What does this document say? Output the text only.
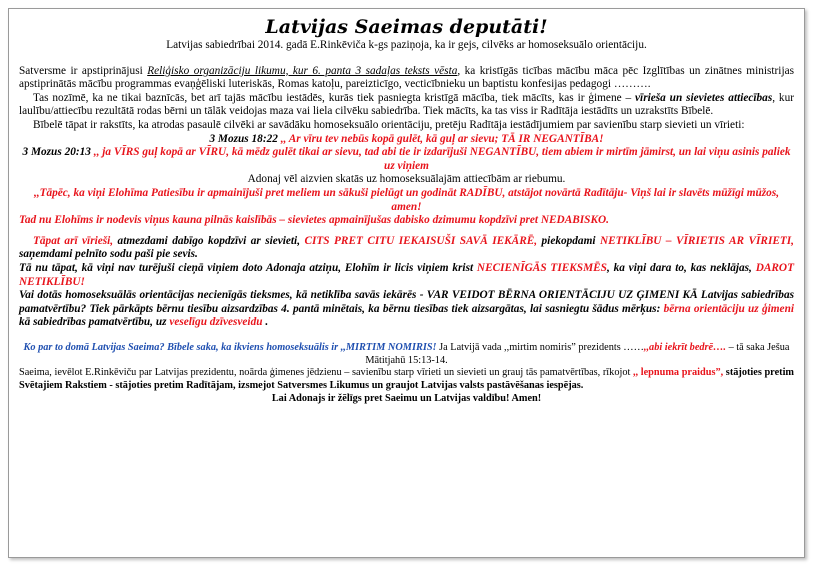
Latvijas Saeimas deputāti!

Latvijas sabiedrībai 2014. gadā E.Rinkēviča k-gs paziņoja, ka ir gejs, cilvēks ar homoseksuālo orientāciju.

Satversme ir apstiprinājusi Reliģisko organizāciju likumu, kur 6. panta 3 sadaļas teksts vēsta, ka kristīgās ticības mācību māca pēc Izglītības un zinātnes ministrijas apstiprinātās mācību programmas evaņģēliski luteriskās, Romas katoļu, pareizticīgo, vecticībnieku un baptistu konfesijas pedagogi ……….

Tas nozīmē, ka ne tikai baznīcās, bet arī tajās mācību iestādēs, kurās tiek pasniegta kristīgā mācība, tiek mācīts, kas ir ģimene – vīrieša un sievietes attiecības, kur laulību/attiecību rezultātā rodas bērni un tālāk veidojas maza vai liela cilvēku sabiedrība. Tiek mācīts, ka tas viss ir Radītāja iestādīts un uzrakstīts Bībelē.

Bībelē tāpat ir rakstīts, ka atrodas pasaulē cilvēki ar savādāku homoseksuālo orientāciju, pretēju Radītāja iestādījumiem par savienību starp sievieti un vīrieti:

3 Mozus 18:22 ,, Ar vīru tev nebūs kopā gulēt, kā guļ ar sievu; TĀ IR NEGANTĪBA!

3 Mozus 20:13 ,, ja VĪRS guļ kopā ar VĪRU, kā mēdz gulēt tikai ar sievu, tad abi tie ir izdarījuši NEGANTĪBU, tiem abiem ir mirtīm jāmirst, un lai viņu asinis paliek uz viņiem

Adonaj vēl aizvien skatās uz homoseksuālajām attiecībām ar riebumu.

,,Tāpēc, ka viņi Elohīma Patiesību ir apmainījuši pret meliem un sākuši pielūgt un godināt RADĪBU, atstājot novārtā Radītāju- Viņš lai ir slavēts mūžīgi mūžos, amen!

Tad nu Elohīms ir nodevis viņus kauna pilnās kaislībās – sievietes apmainījušas dabisko dzimumu kopdzīvi pret NEDABISKO.

Tāpat arī vīrieši, atmezdami dabīgo kopdzīvi ar sievieti, CITS PRET CITU IEKAISUŠI SAVĀ IEKĀRĒ, piekopdami NETIKLĪBU – VĪRIETIS AR VĪRIETI, saņemdami pelnīto sodu paši pie sevis.

Tā nu tāpat, kā viņi nav turējuši cieņā viņiem doto Adonaja atziņu, Elohīm ir licis viņiem krist NECIENĪGĀS TIEKSMĒS, ka viņi dara to, kas neklājas, DAROT NETIKLĪBU!

Vai dotās homoseksuālās orientācijas necienīgās tieksmes, kā netiklība savās iekārēs - VAR VEIDOT BĒRNA ORIENTĀCIJU UZ ĢIMENI KĀ Latvijas sabiedrības pamatvērtību? Tiek pārkāpts bērnu tiesību aizsardzības 4. pantā minētais, ka bērnu tiesības tiek aizsargātas, lai sasniegtu šādus mērķus: bērna orientāciju uz ģimeni kā sabiedrības pamatvērtību, uz veselīgu dzīvesveidu .

Ko par to domā Latvijas Saeima? Bībele saka, ka ikviens homoseksuālis ir ,,MIRTIM NOMIRIS! Ja Latvijā vada ,,mirtim nomiris” prezidents ……,,abi iekrīt bedrē…. – tā saka Ješua Mātitjahū 15:13-14.

Saeima, ievēlot E.Rinkēviču par Latvijas prezidentu, noārda ģimenes jēdzienu – savienību starp vīrieti un sievieti un grauj tās pamatvērtības, rīkojot ,, lepnuma praidus”, stājoties pretim Svētajiem Rakstiem - stājoties pretim Radītājam, izsmejot Satversmes Likumus un graujot Latvijas valsts pastāvēšanas iespējas.

Lai Adonajs ir žēlīgs pret Saeimu un Latvijas valdību! Amen!
